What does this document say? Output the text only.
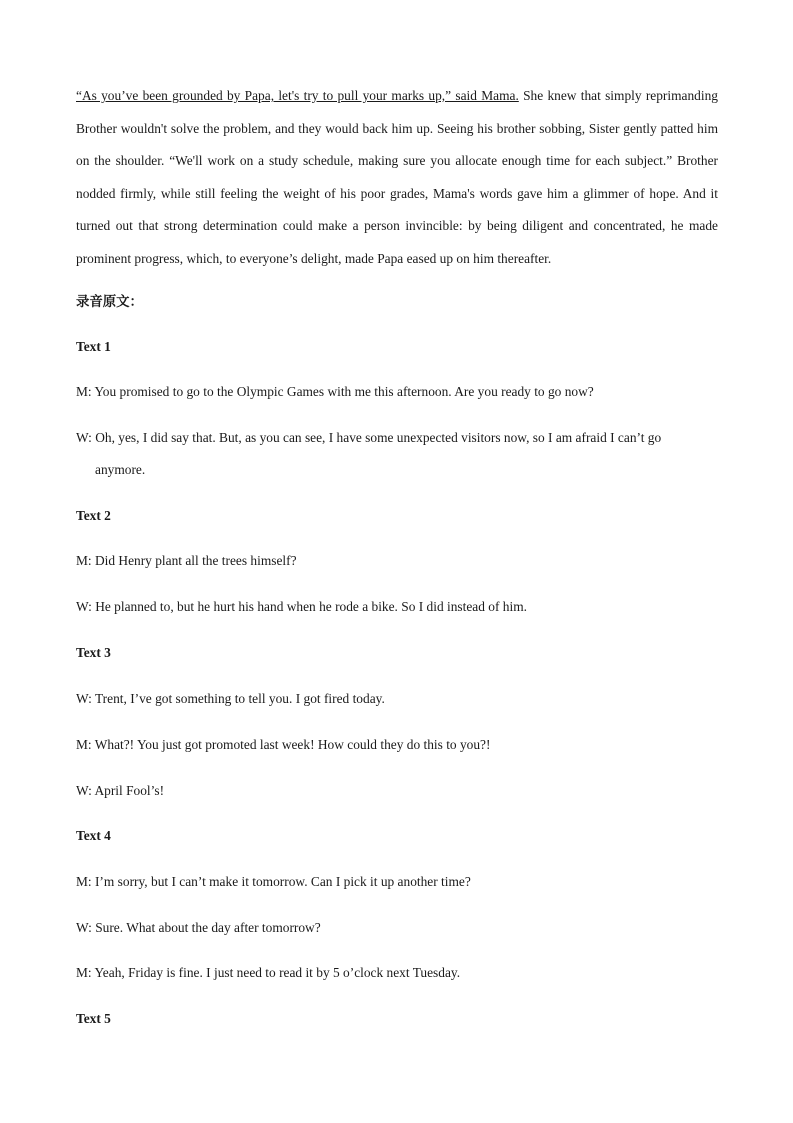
“As you’ve been grounded by Papa, let's try to pull your marks up,” said Mama. She knew that simply reprimanding Brother wouldn't solve the problem, and they would back him up. Seeing his brother sobbing, Sister gently patted him on the shoulder. “We'll work on a study schedule, making sure you allocate enough time for each subject.” Brother nodded firmly, while still feeling the weight of his poor grades, Mama's words gave him a glimmer of hope. And it turned out that strong determination could make a person invincible: by being diligent and concentrated, he made prominent progress, which, to everyone’s delight, made Papa eased up on him thereafter.

录音原文：

Text 1

M: You promised to go to the Olympic Games with me this afternoon. Are you ready to go now?

W: Oh, yes, I did say that. But, as you can see, I have some unexpected visitors now, so I am afraid I can’t go

anymore.

Text 2

M: Did Henry plant all the trees himself?

W: He planned to, but he hurt his hand when he rode a bike. So I did instead of him.

Text 3

W: Trent, I’ve got something to tell you. I got fired today.

M: What?! You just got promoted last week! How could they do this to you?!

W: April Fool’s!

Text 4

M: I’m sorry, but I can’t make it tomorrow. Can I pick it up another time?

W: Sure. What about the day after tomorrow?

M: Yeah, Friday is fine. I just need to read it by 5 o’clock next Tuesday.

Text 5
